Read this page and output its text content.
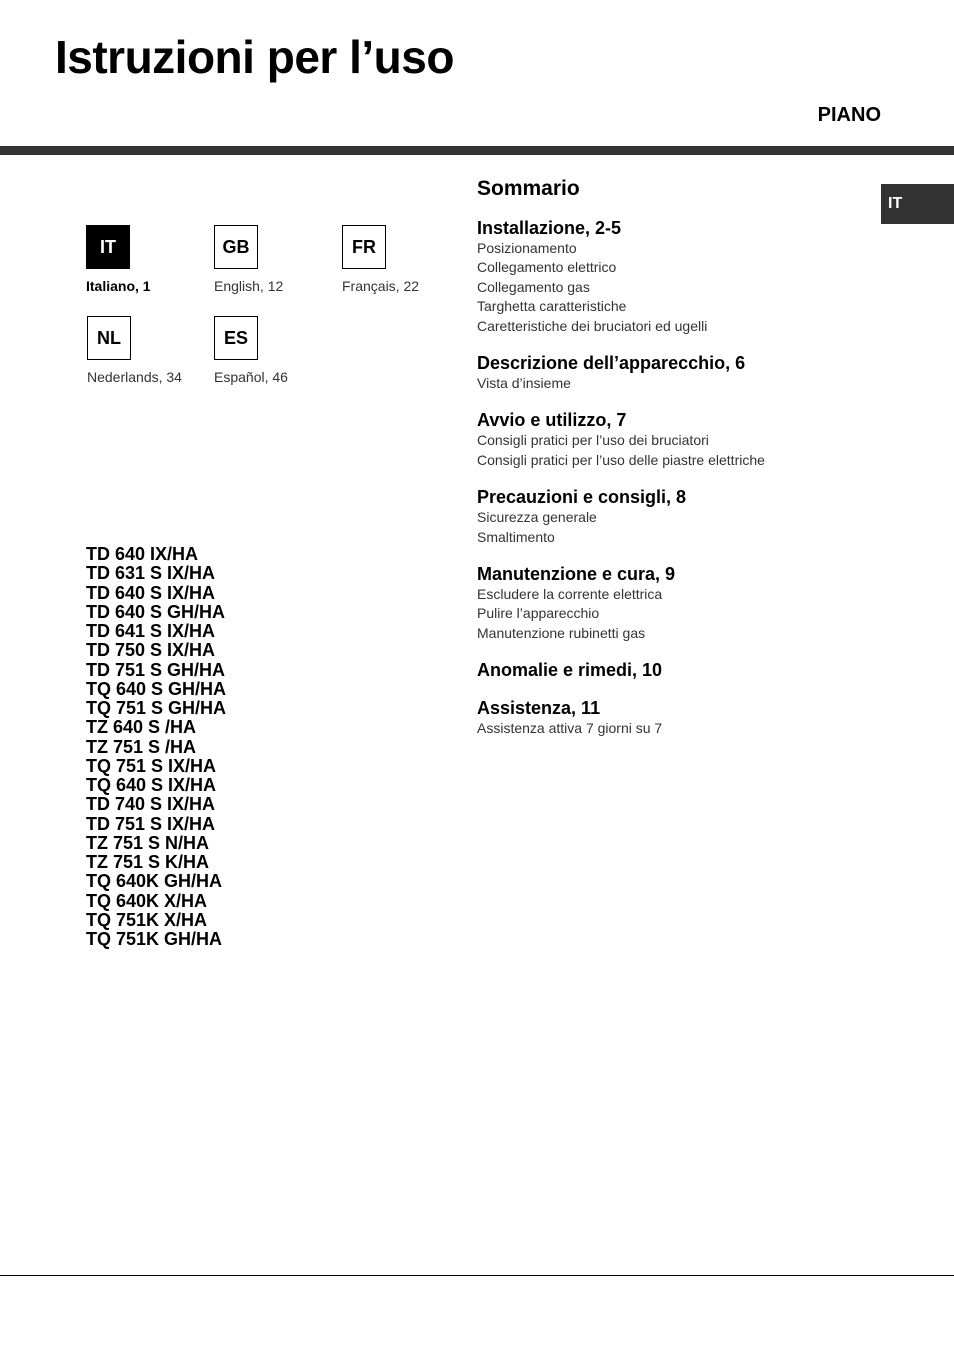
Istruzioni per l’uso
PIANO
IT
IT
Italiano, 1
GB
English, 12
FR
Français, 22
NL
Nederlands, 34
ES
Español, 46
TD 640 IX/HA
TD 631 S IX/HA
TD 640 S IX/HA
TD 640 S GH/HA
TD 641 S IX/HA
TD 750 S IX/HA
TD 751 S GH/HA
TQ 640 S GH/HA
TQ 751 S GH/HA
TZ 640 S /HA
TZ 751 S /HA
TQ 751 S IX/HA
TQ 640 S IX/HA
TD 740 S IX/HA
TD 751 S IX/HA
TZ 751 S N/HA
TZ 751 S K/HA
TQ 640K GH/HA
TQ 640K X/HA
TQ 751K X/HA
TQ 751K GH/HA
Sommario
Installazione, 2-5
Posizionamento
Collegamento elettrico
Collegamento gas
Targhetta caratteristiche
Caretteristiche dei bruciatori ed ugelli
Descrizione dell’apparecchio, 6
Vista d’insieme
Avvio e utilizzo, 7
Consigli pratici per l’uso dei bruciatori
Consigli pratici per l’uso delle piastre elettriche
Precauzioni e consigli, 8
Sicurezza generale
Smaltimento
Manutenzione e cura, 9
Escludere la corrente elettrica
Pulire l’apparecchio
Manutenzione rubinetti gas
Anomalie e rimedi, 10
Assistenza, 11
Assistenza attiva 7 giorni su 7
